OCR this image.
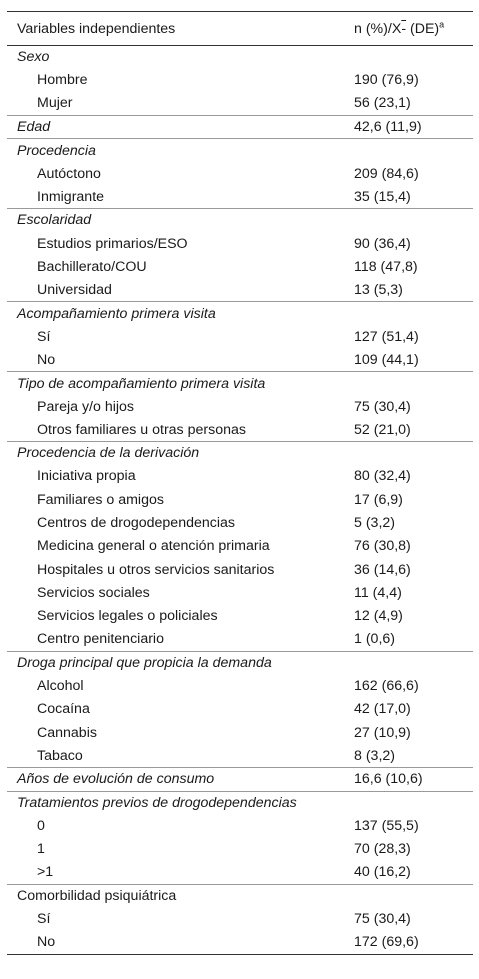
Variables independientes	n (%)/X- (DE)$^a$
Sexo	
Hombre	190 (76,9)
Mujer	56 (23,1)
Edad	42,6 (11,9)
Procedencia	
Autóctono	209 (84,6)
Inmigrante	35 (15,4)
Escolaridad	
Estudios primarios/ESO	90 (36,4)
Bachillerato/COU	118 (47,8)
Universidad	13 (5,3)
Acompañamiento primera visita	
Sí	127 (51,4)
No	109 (44,1)
Tipo de acompañamiento primera visita	
Pareja y/o hijos	75 (30,4)
Otros familiares u otras personas	52 (21,0)
Procedencia de la derivación	
Iniciativa propia	80 (32,4)
Familiares o amigos	17 (6,9)
Centros de drogodependencias	5 (3,2)
Medicina general o atención primaria	76 (30,8)
Hospitales u otros servicios sanitarios	36 (14,6)
Servicios sociales	11 (4,4)
Servicios legales o policiales	12 (4,9)
Centro penitenciario	1 (0,6)
Droga principal que propicia la demanda	
Alcohol	162 (66,6)
Cocaína	42 (17,0)
Cannabis	27 (10,9)
Tabaco	8 (3,2)
Años de evolución de consumo	16,6 (10,6)
Tratamientos previos de drogodependencias	
0	137 (55,5)
1	70 (28,3)
>1	40 (16,2)
Comorbilidad psiquiátrica	
Sí	75 (30,4)
No	172 (69,6)
